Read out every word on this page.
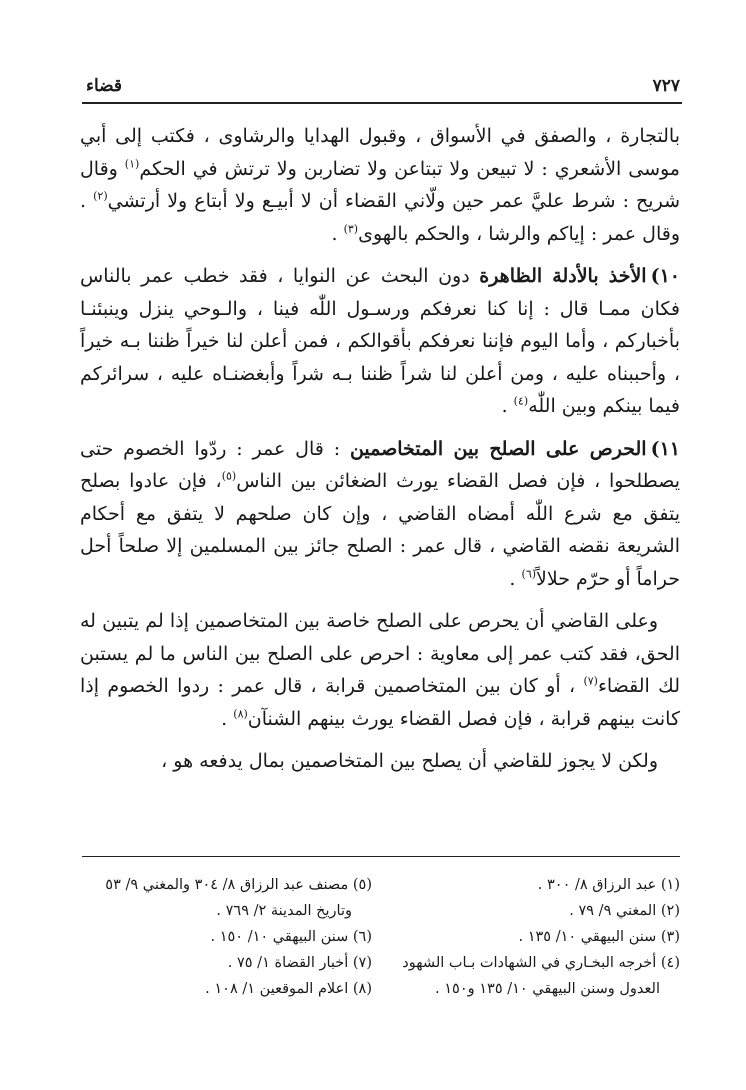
قضاء	٧٢٧

بالتجارة ، والصفق في الأسواق ، وقبول الهدايا والرشاوى ، فكتب إلى أبي موسى الأشعري : لا تبيعن ولا تبتاعن ولا تضاربن ولا ترتش في الحكم$^{(١)}$ وقال شريح : شرط عليَّ عمر حين ولّاني القضاء أن لا أبيـع ولا أبتاع ولا أرتشي$^{(٢)}$ . وقال عمر : إياكم والرشا ، والحكم بالهوى$^{(٣)}$ .

١٠)الأخذ بالأدلة الظاهرة دون البحث عن النوايا ، فقد خطب عمر بالناس فكان ممـا قال : إنا كنا نعرفكم ورسـول اللّٰه فينا ، والـوحي ينزل وينبئنـا بأخباركم ، وأما اليوم فإننا نعرفكم بأقوالكم ، فمن أعلن لنا خيراً ظننا بـه خيراً ، وأحببناه عليه ، ومن أعلن لنا شراً ظننا بـه شراً وأبغضنـاه عليه ، سرائركم فيما بينكم وبين اللّٰه$^{(٤)}$ .

١١)الحرص على الصلح بين المتخاصمين : قال عمر : ردّوا الخصوم حتى يصطلحوا ، فإن فصل القضاء يورث الضغائن بين الناس$^{(٥)}$، فإن عادوا بصلح يتفق مع شرع اللّٰه أمضاه القاضي ، وإن كان صلحهم لا يتفق مع أحكام الشريعة نقضه القاضي ، قال عمر : الصلح جائز بين المسلمين إلا صلحاً أحل حراماً أو حرّم حلالاً$^{(٦)}$ .

وعلى القاضي أن يحرص على الصلح خاصة بين المتخاصمين إذا لم يتبين له الحق، فقد كتب عمر إلى معاوية : احرص على الصلح بين الناس ما لم يستبن لك القضاء$^{(٧)}$ ، أو كان بين المتخاصمين قرابة ، قال عمر : ردوا الخصوم إذا كانت بينهم قرابة ، فإن فصل القضاء يورث بينهم الشنآن$^{(٨)}$ .

ولكن لا يجوز للقاضي أن يصلح بين المتخاصمين بمال يدفعه هو ،

(١) عبد الرزاق ٨/ ٣٠٠ .

(٢) المغني ٩/ ٧٩ .

(٣) سنن البيهقي ١٠/ ١٣٥ .

(٤) أخرجه البخـاري في الشهادات بـاب الشهود

العدول وسنن البيهقي ١٠/ ١٣٥ و١٥٠ .

(٥) مصنف عبد الرزاق ٨/ ٣٠٤ والمغني ٩/ ٥٣

وتاريخ المدينة ٢/ ٧٦٩ .

(٦) سنن البيهقي ١٠/ ١٥٠ .

(٧) أخبار القضاة ١/ ٧٥ .

(٨) اعلام الموقعين ١/ ١٠٨ .
